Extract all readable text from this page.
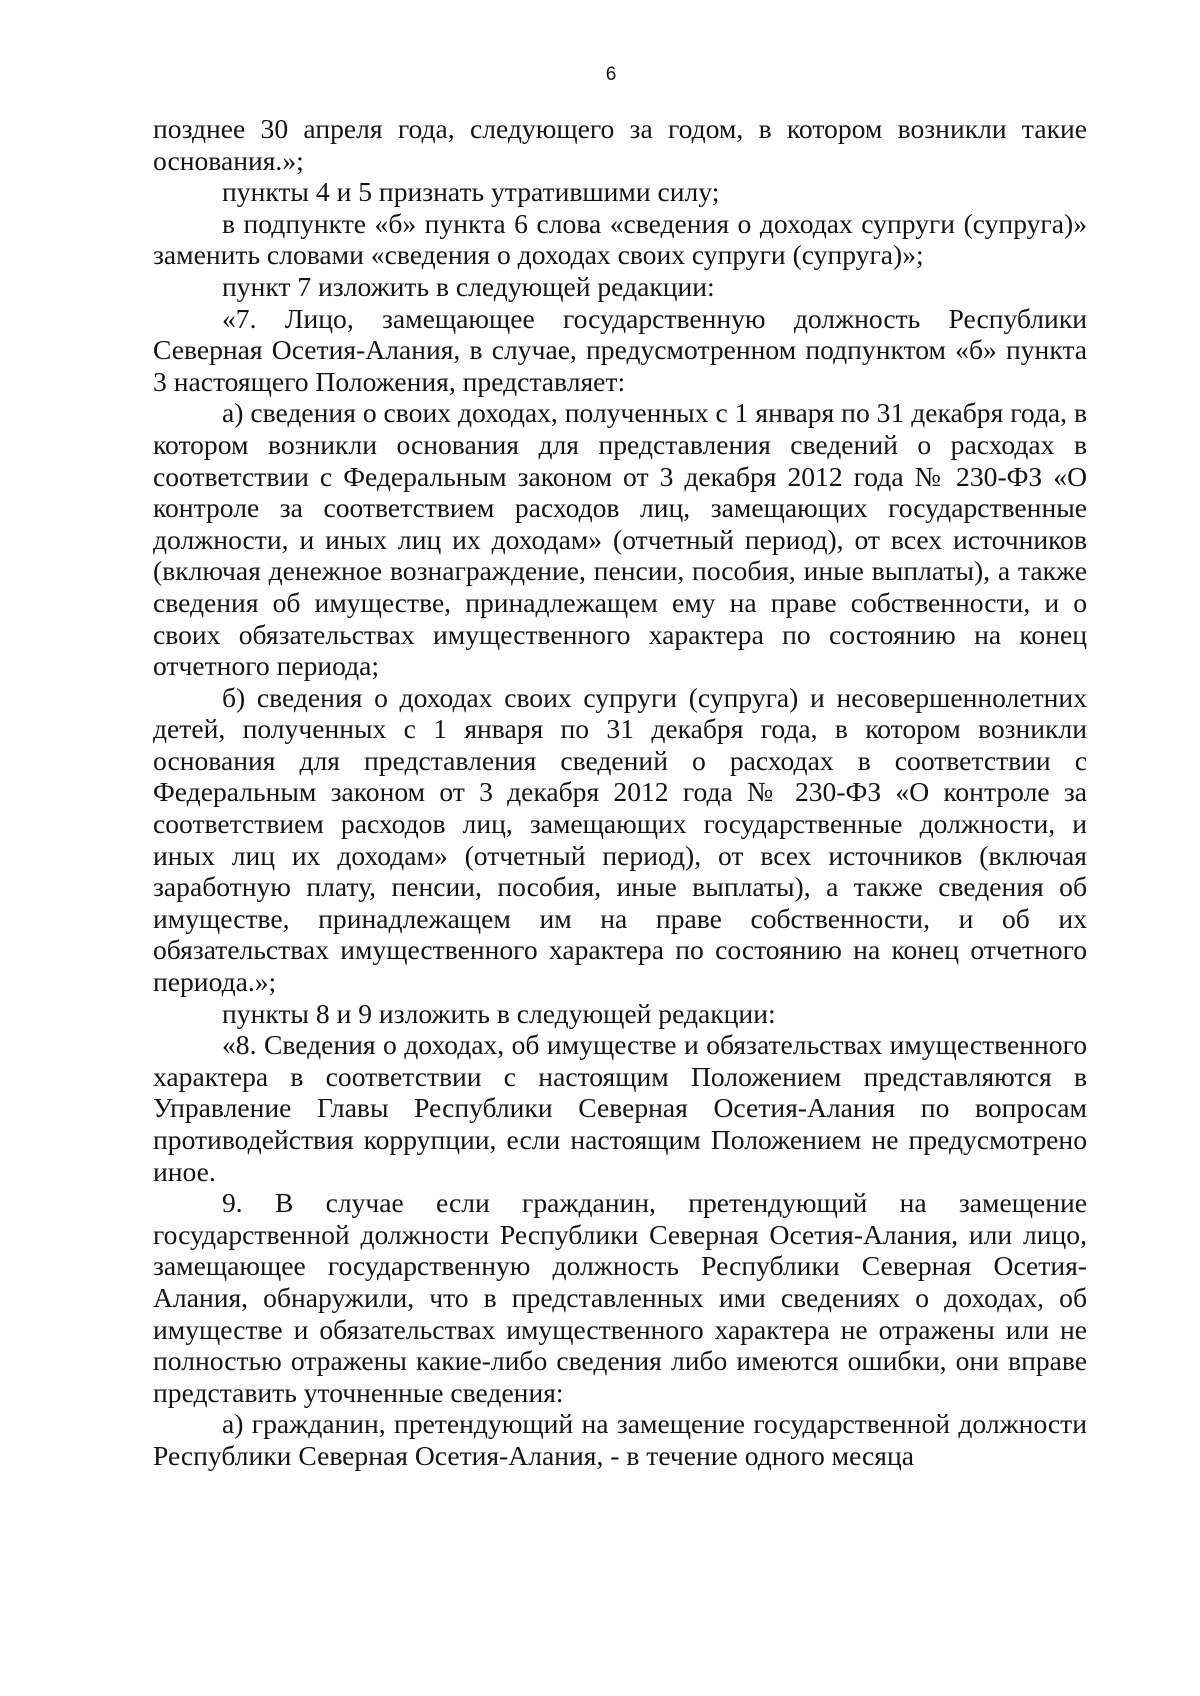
6

позднее 30 апреля года, следующего за годом, в котором возникли такие основания.»;

пункты 4 и 5 признать утратившими силу;

в подпункте «б» пункта 6 слова «сведения о доходах супруги (супруга)» заменить словами «сведения о доходах своих супруги (супруга)»;

пункт 7 изложить в следующей редакции:

«7. Лицо, замещающее государственную должность Республики Северная Осетия-Алания, в случае, предусмотренном подпунктом «б» пункта 3 настоящего Положения, представляет:

а) сведения о своих доходах, полученных с 1 января по 31 декабря года, в котором возникли основания для представления сведений о расходах в соответствии с Федеральным законом от 3 декабря 2012 года № 230-ФЗ «О контроле за соответствием расходов лиц, замещающих государственные должности, и иных лиц их доходам» (отчетный период), от всех источников (включая денежное вознаграждение, пенсии, пособия, иные выплаты), а также сведения об имуществе, принадлежащем ему на праве собственности, и о своих обязательствах имущественного характера по состоянию на конец отчетного периода;

б) сведения о доходах своих супруги (супруга) и несовершеннолетних детей, полученных с 1 января по 31 декабря года, в котором возникли основания для представления сведений о расходах в соответствии с Федеральным законом от 3 декабря 2012 года № 230-ФЗ «О контроле за соответствием расходов лиц, замещающих государственные должности, и иных лиц их доходам» (отчетный период), от всех источников (включая заработную плату, пенсии, пособия, иные выплаты), а также сведения об имуществе, принадлежащем им на праве собственности, и об их обязательствах имущественного характера по состоянию на конец отчетного периода.»;

пункты 8 и 9 изложить в следующей редакции:

«8. Сведения о доходах, об имуществе и обязательствах имущественного характера в соответствии с настоящим Положением представляются в Управление Главы Республики Северная Осетия-Алания по вопросам противодействия коррупции, если настоящим Положением не предусмотрено иное.

9. В случае если гражданин, претендующий на замещение государственной должности Республики Северная Осетия-Алания, или лицо, замещающее государственную должность Республики Северная Осетия-Алания, обнаружили, что в представленных ими сведениях о доходах, об имуществе и обязательствах имущественного характера не отражены или не полностью отражены какие-либо сведения либо имеются ошибки, они вправе представить уточненные сведения:

а) гражданин, претендующий на замещение государственной должности Республики Северная Осетия-Алания, - в течение одного месяца
